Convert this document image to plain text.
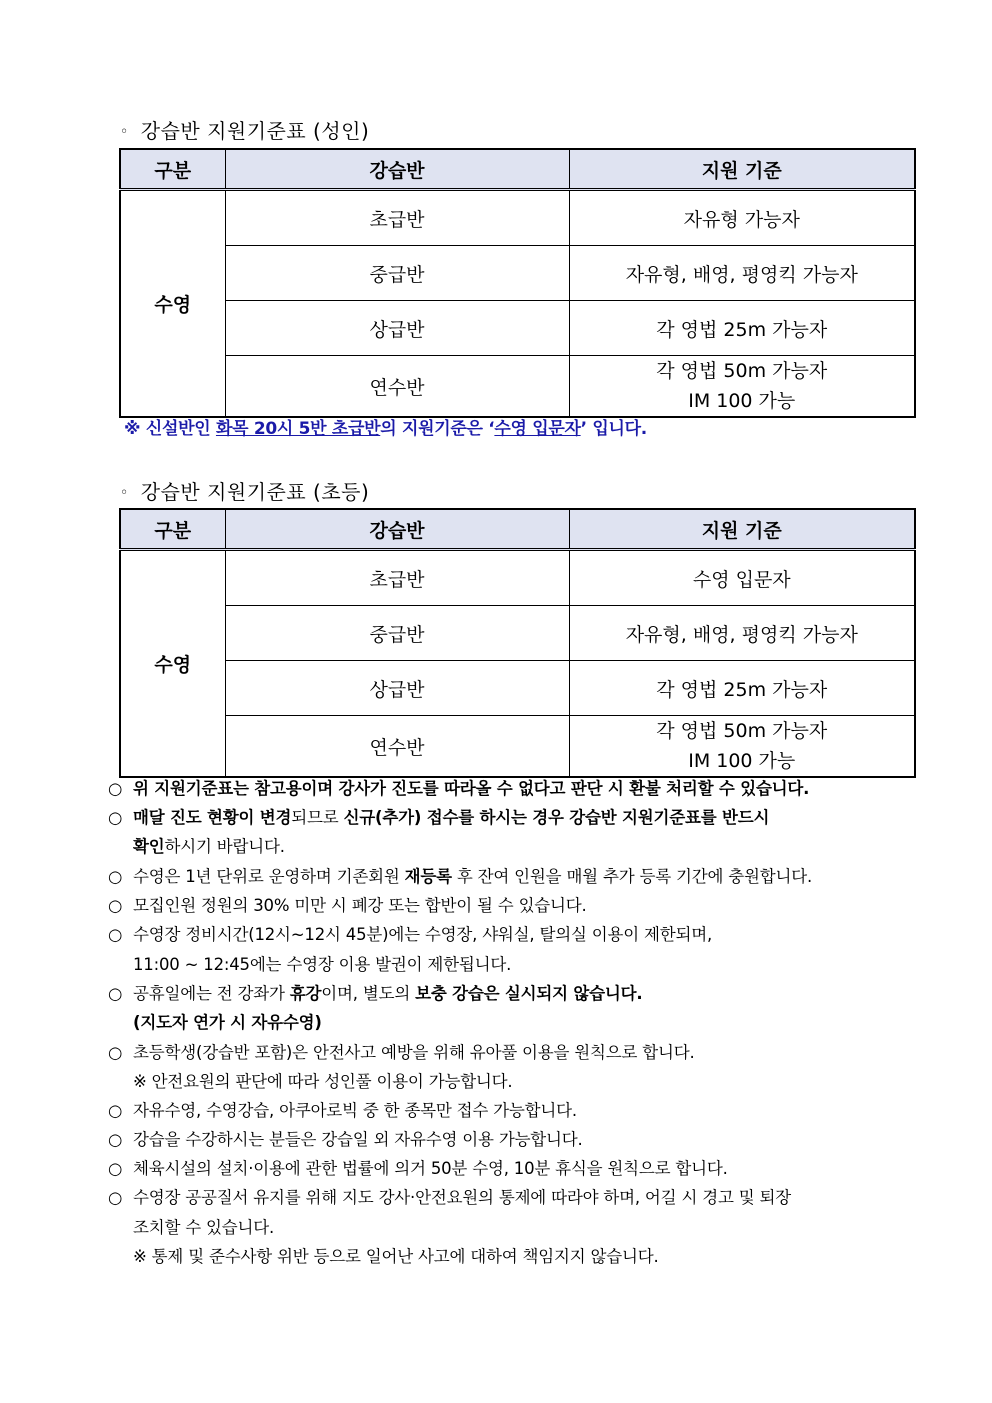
◦ 강습반 지원기준표 (성인)
구분	강습반	지원 기준
수영	초급반	자유형 가능자
	중급반	자유형, 배영, 평영킥 가능자
	상급반	각 영법 25m 가능자
	연수반	각 영법 50m 가능자
IM 100 가능
※ 신설반인 화목 20시 5반 초급반의 지원기준은 ‘수영 입문자’ 입니다.
◦ 강습반 지원기준표 (초등)
구분	강습반	지원 기준
수영	초급반	수영 입문자
	중급반	자유형, 배영, 평영킥 가능자
	상급반	각 영법 25m 가능자
	연수반	각 영법 50m 가능자
IM 100 가능
○ 위 지원기준표는 참고용이며 강사가 진도를 따라올 수 없다고 판단 시 환불 처리할 수 있습니다.
○ 매달 진도 현황이 변경되므로 신규(추가) 접수를 하시는 경우 강습반 지원기준표를 반드시
확인하시기 바랍니다.
○ 수영은 1년 단위로 운영하며 기존회원 재등록 후 잔여 인원을 매월 추가 등록 기간에 충원합니다.
○ 모집인원 정원의 30% 미만 시 폐강 또는 합반이 될 수 있습니다.
○ 수영장 정비시간(12시~12시 45분)에는 수영장, 샤워실, 탈의실 이용이 제한되며,
11:00 ~ 12:45에는 수영장 이용 발권이 제한됩니다.
○ 공휴일에는 전 강좌가 휴강이며, 별도의 보충 강습은 실시되지 않습니다.
(지도자 연가 시 자유수영)
○ 초등학생(강습반 포함)은 안전사고 예방을 위해 유아풀 이용을 원칙으로 합니다.
※ 안전요원의 판단에 따라 성인풀 이용이 가능합니다.
○ 자유수영, 수영강습, 아쿠아로빅 중 한 종목만 접수 가능합니다.
○ 강습을 수강하시는 분들은 강습일 외 자유수영 이용 가능합니다.
○ 체육시설의 설치·이용에 관한 법률에 의거 50분 수영, 10분 휴식을 원칙으로 합니다.
○ 수영장 공공질서 유지를 위해 지도 강사·안전요원의 통제에 따라야 하며, 어길 시 경고 및 퇴장
조치할 수 있습니다.
※ 통제 및 준수사항 위반 등으로 일어난 사고에 대하여 책임지지 않습니다.
